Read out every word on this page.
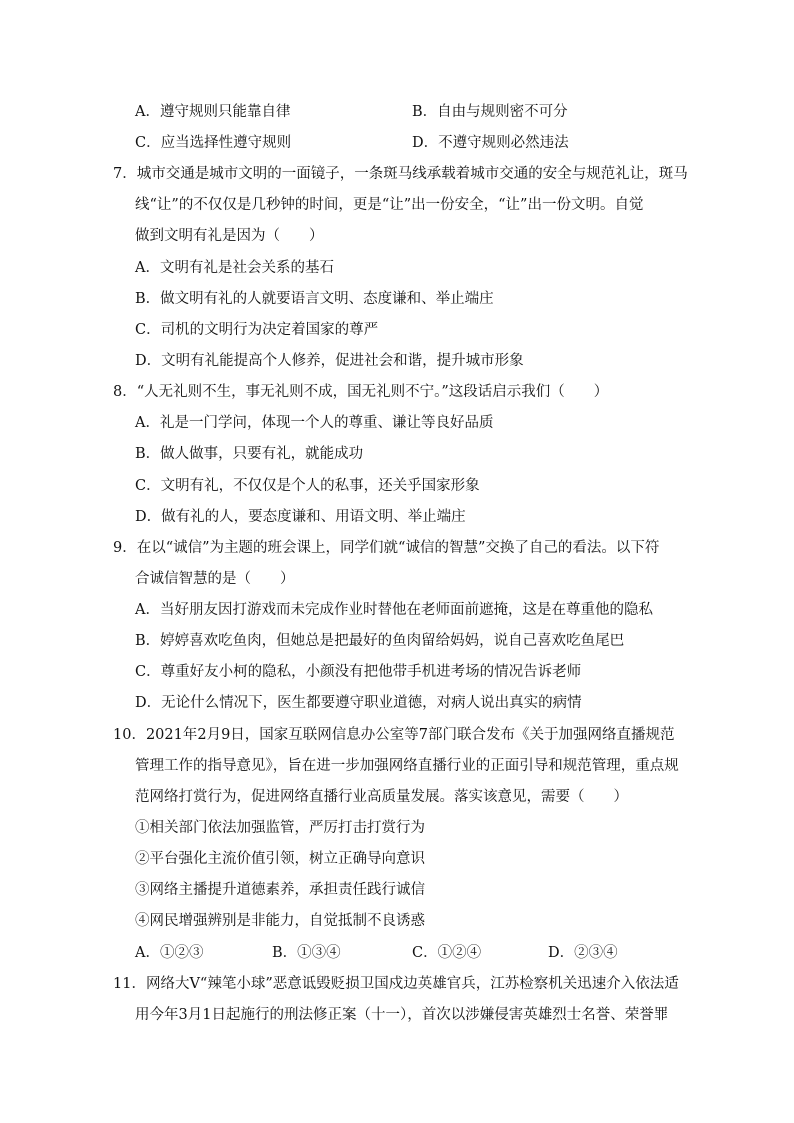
A．遵守规则只能靠自律	B．自由与规则密不可分
C．应当选择性遵守规则	D．不遵守规则必然违法
7．城市交通是城市文明的一面镜子，一条斑马线承载着城市交通的安全与规范礼让，斑马
线“让”的不仅仅是几秒钟的时间，更是“让”出一份安全，“让”出一份文明。自觉
做到文明有礼是因为（　　）
A．文明有礼是社会关系的基石
B．做文明有礼的人就要语言文明、态度谦和、举止端庄
C．司机的文明行为决定着国家的尊严
D．文明有礼能提高个人修养，促进社会和谐，提升城市形象
8．“人无礼则不生，事无礼则不成，国无礼则不宁。”这段话启示我们（　　）
A．礼是一门学问，体现一个人的尊重、谦让等良好品质
B．做人做事，只要有礼，就能成功
C．文明有礼，不仅仅是个人的私事，还关乎国家形象
D．做有礼的人，要态度谦和、用语文明、举止端庄
9．在以“诚信”为主题的班会课上，同学们就“诚信的智慧”交换了自己的看法。以下符
合诚信智慧的是（　　）
A．当好朋友因打游戏而未完成作业时替他在老师面前遮掩，这是在尊重他的隐私
B．婷婷喜欢吃鱼肉，但她总是把最好的鱼肉留给妈妈，说自己喜欢吃鱼尾巴
C．尊重好友小柯的隐私，小颜没有把他带手机进考场的情况告诉老师
D．无论什么情况下，医生都要遵守职业道德，对病人说出真实的病情
10．2021年2月9日，国家互联网信息办公室等7部门联合发布《关于加强网络直播规范
管理工作的指导意见》，旨在进一步加强网络直播行业的正面引导和规范管理，重点规
范网络打赏行为，促进网络直播行业高质量发展。落实该意见，需要（　　）
①相关部门依法加强监管，严厉打击打赏行为
②平台强化主流价值引领，树立正确导向意识
③网络主播提升道德素养，承担责任践行诚信
④网民增强辨别是非能力，自觉抵制不良诱惑
A．①②③	B．①③④	C．①②④	D．②③④
11．网络大V“辣笔小球”恶意诋毁贬损卫国戍边英雄官兵，江苏检察机关迅速介入依法适
用今年3月1日起施行的刑法修正案（十一），首次以涉嫌侵害英雄烈士名誉、荣誉罪
